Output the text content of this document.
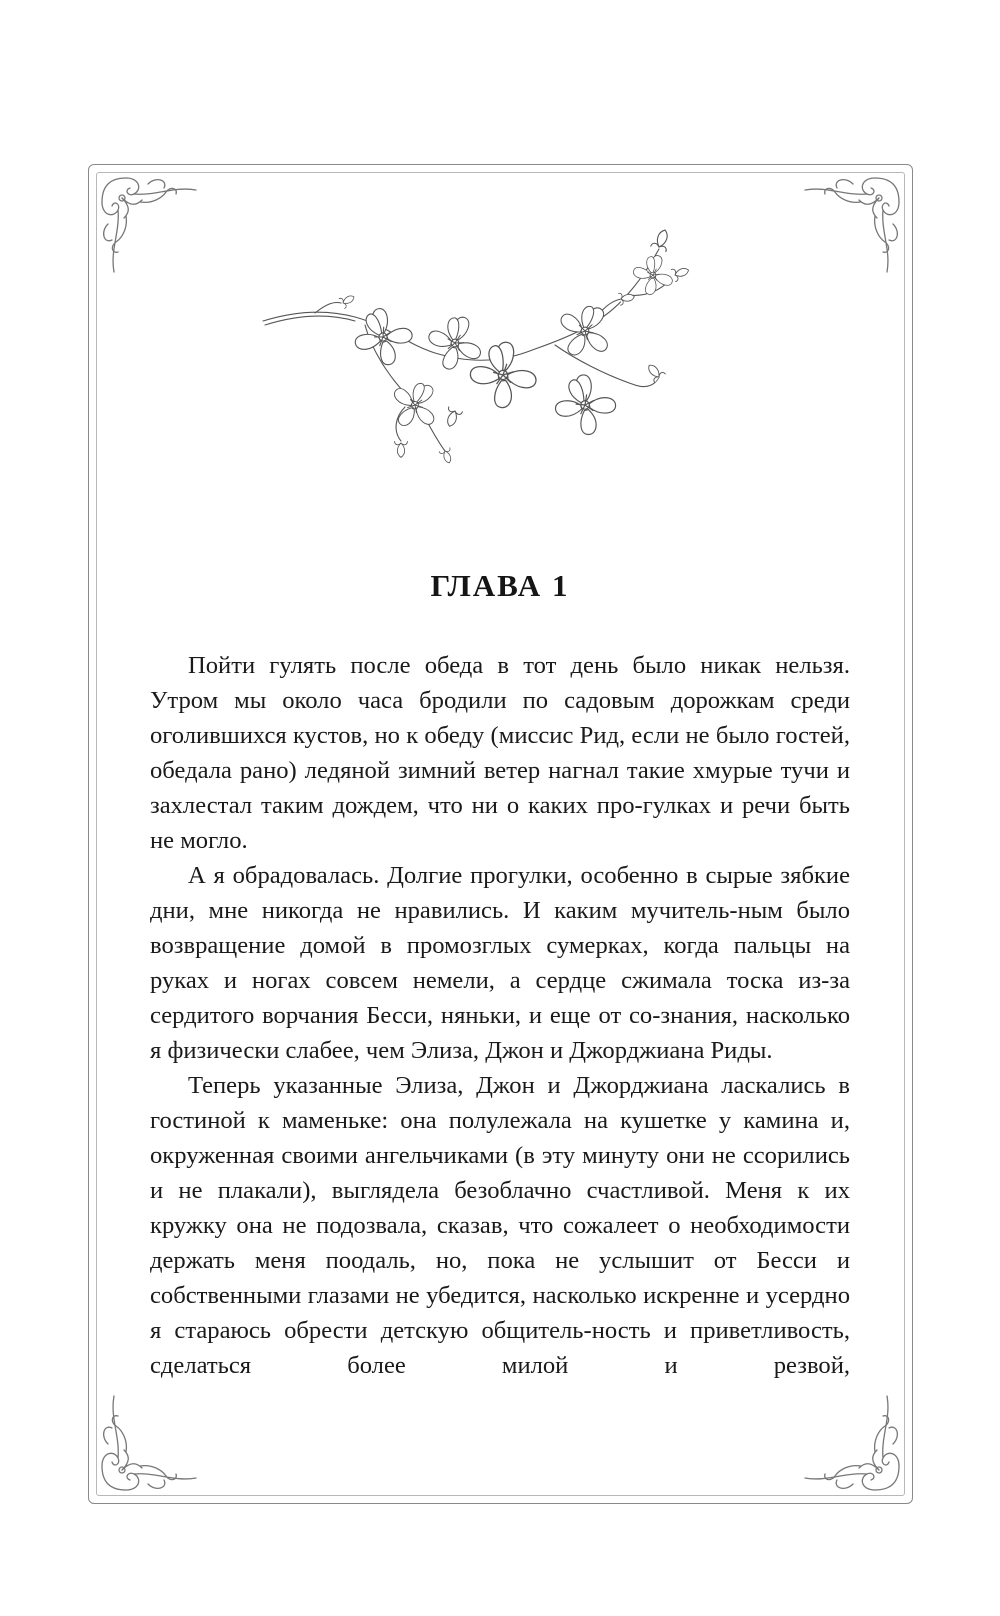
ГЛАВА 1

Пойти гулять после обеда в тот день было никак нельзя. Утром мы около часа бродили по садовым дорожкам среди оголившихся кустов, но к обеду (миссис Рид, если не было гостей, обедала рано) ледяной зимний ветер нагнал такие хмурые тучи и захлестал таким дождем, что ни о каких про-гулках и речи быть не могло.

А я обрадовалась. Долгие прогулки, особенно в сырые зябкие дни, мне никогда не нравились. И каким мучитель-ным было возвращение домой в промозглых сумерках, когда пальцы на руках и ногах совсем немели, а сердце сжимала тоска из-за сердитого ворчания Бесси, няньки, и еще от со-знания, насколько я физически слабее, чем Элиза, Джон и Джорджиана Риды.

Теперь указанные Элиза, Джон и Джорджиана ласкались в гостиной к маменьке: она полулежала на кушетке у камина и, окруженная своими ангельчиками (в эту минуту они не ссорились и не плакали), выглядела безоблачно счастливой. Меня к их кружку она не подозвала, сказав, что сожалеет о необходимости держать меня поодаль, но, пока не услышит от Бесси и собственными глазами не убедится, насколько искренне и усердно я стараюсь обрести детскую общитель-ность и приветливость, сделаться более милой и резвой,
